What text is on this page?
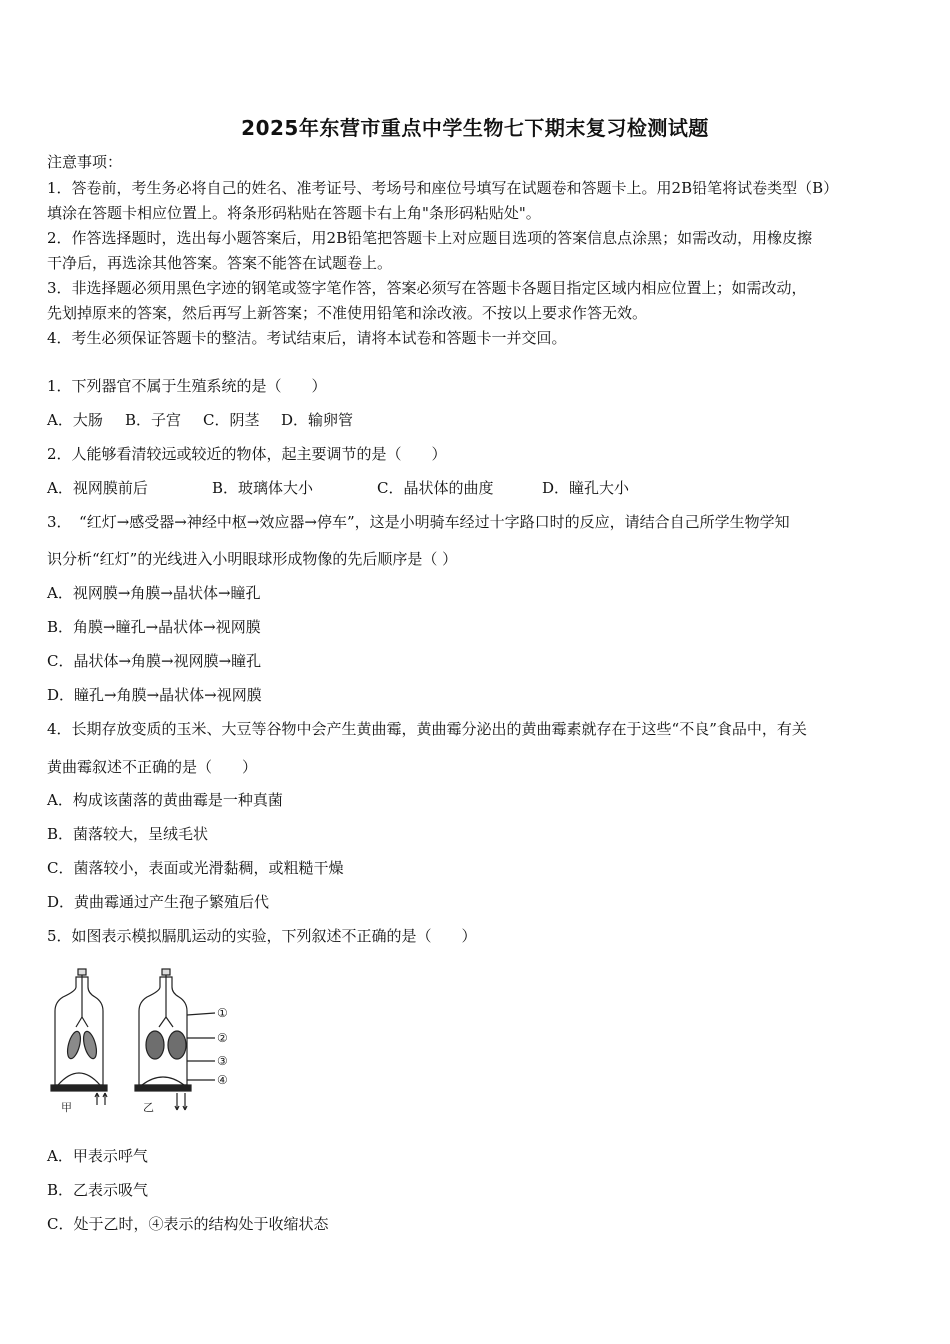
2025年东营市重点中学生物七下期末复习检测试题
注意事项：
1．答卷前，考生务必将自己的姓名、准考证号、考场号和座位号填写在试题卷和答题卡上。用2B铅笔将试卷类型（B）
填涂在答题卡相应位置上。将条形码粘贴在答题卡右上角"条形码粘贴处"。
2．作答选择题时，选出每小题答案后，用2B铅笔把答题卡上对应题目选项的答案信息点涂黑；如需改动，用橡皮擦
干净后，再选涂其他答案。答案不能答在试题卷上。
3．非选择题必须用黑色字迹的钢笔或签字笔作答，答案必须写在答题卡各题目指定区域内相应位置上；如需改动，
先划掉原来的答案，然后再写上新答案；不准使用铅笔和涂改液。不按以上要求作答无效。
4．考生必须保证答题卡的整洁。考试结束后，请将本试卷和答题卡一并交回。
1．下列器官不属于生殖系统的是（　　）
A．大肠 B．子宫 C．阴茎 D．输卵管
2．人能够看清较远或较近的物体，起主要调节的是（　　）
A．视网膜前后	B．玻璃体大小	C．晶状体的曲度	D．瞳孔大小
3．　“红灯→感受器→神经中枢→效应器→停车”，这是小明骑车经过十字路口时的反应，请结合自己所学生物学知
识分析“红灯”的光线进入小明眼球形成物像的先后顺序是（ ）
A．视网膜→角膜→晶状体→瞳孔
B．角膜→瞳孔→晶状体→视网膜
C．晶状体→角膜→视网膜→瞳孔
D．瞳孔→角膜→晶状体→视网膜
4．长期存放变质的玉米、大豆等谷物中会产生黄曲霉，黄曲霉分泌出的黄曲霉素就存在于这些“不良”食品中，有关
黄曲霉叙述不正确的是（　　）
A．构成该菌落的黄曲霉是一种真菌
B．菌落较大，呈绒毛状
C．菌落较小，表面或光滑黏稠，或粗糙干燥
D．黄曲霉通过产生孢子繁殖后代
5．如图表示模拟膈肌运动的实验，下列叙述不正确的是（　　）
甲	乙
①
②
③
④
A．甲表示呼气
B．乙表示吸气
C．处于乙时，④表示的结构处于收缩状态
